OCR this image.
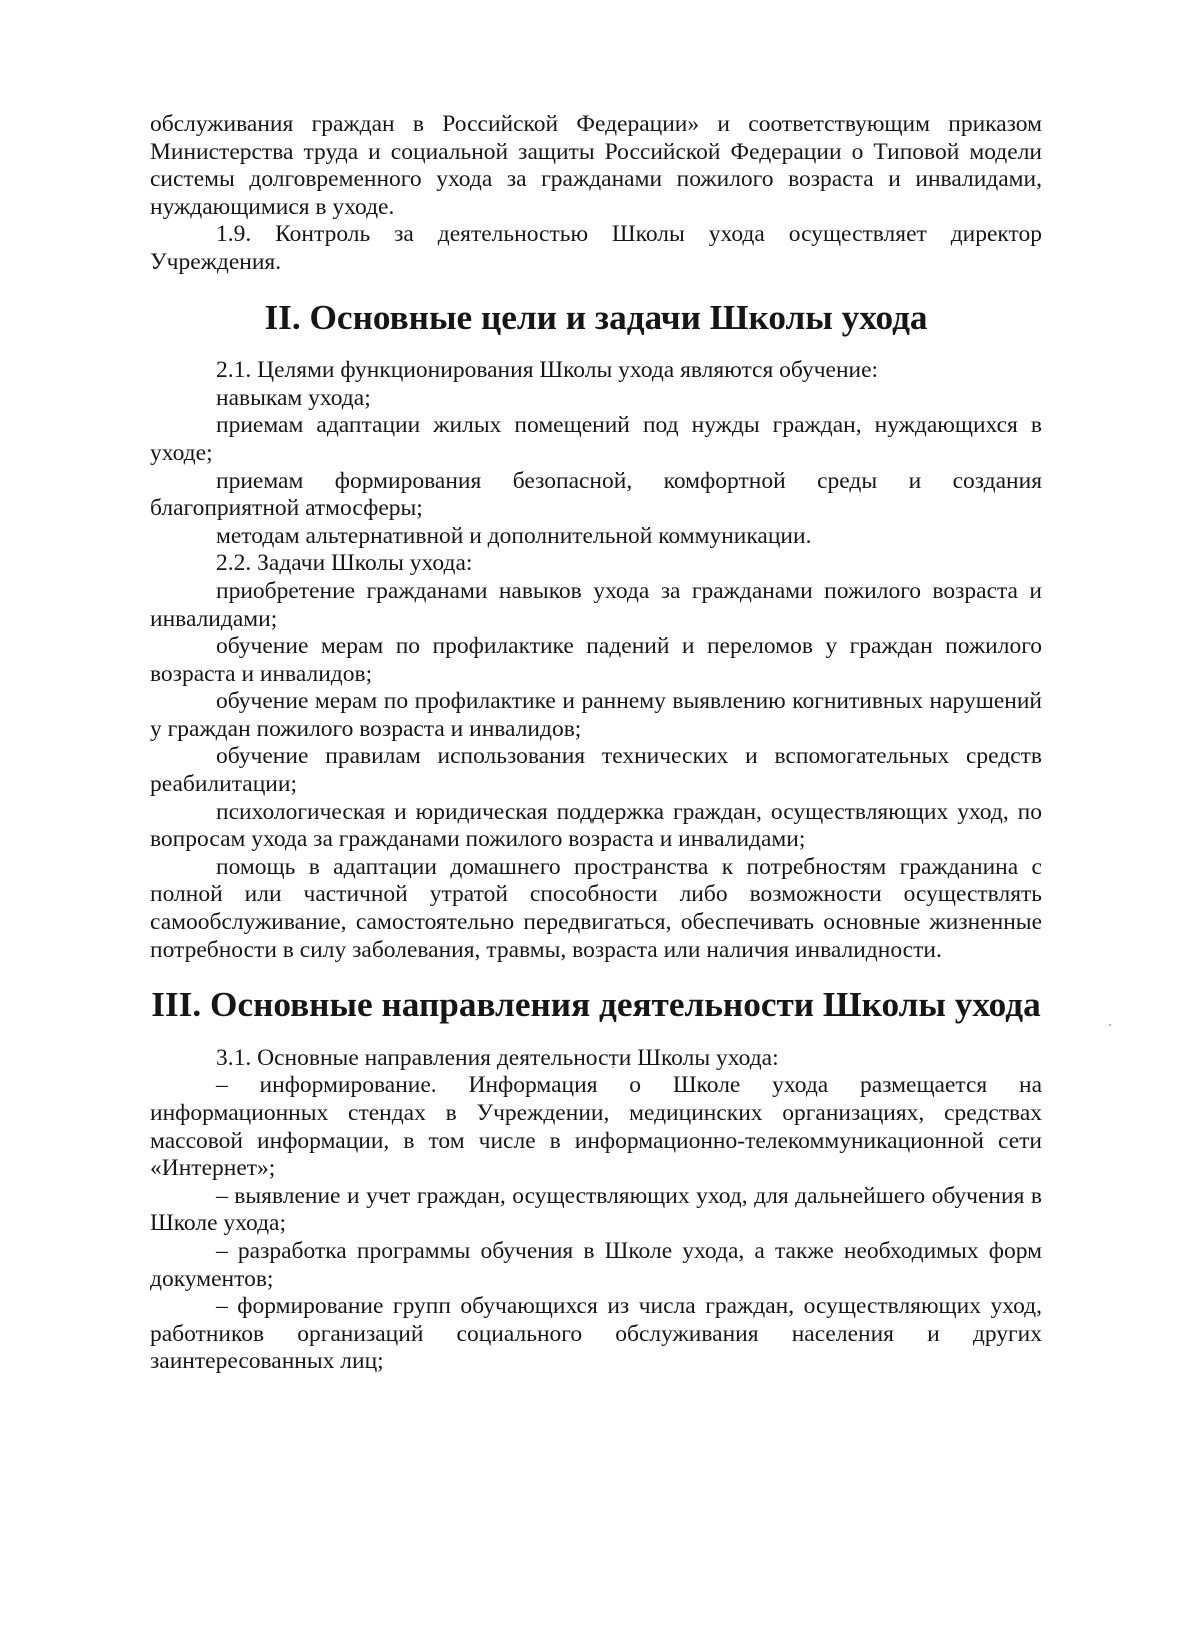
обслуживания граждан в Российской Федерации» и соответствующим приказом Министерства труда и социальной защиты Российской Федерации о Типовой модели системы долговременного ухода за гражданами пожилого возраста и инвалидами, нуждающимися в уходе.

1.9. Контроль за деятельностью Школы ухода осуществляет директор Учреждения.

II. Основные цели и задачи Школы ухода

2.1. Целями функционирования Школы ухода являются обучение:

навыкам ухода;

приемам адаптации жилых помещений под нужды граждан, нуждающихся в уходе;

приемам формирования безопасной, комфортной среды и создания благоприятной атмосферы;

методам альтернативной и дополнительной коммуникации.

2.2. Задачи Школы ухода:

приобретение гражданами навыков ухода за гражданами пожилого возраста и инвалидами;

обучение мерам по профилактике падений и переломов у граждан пожилого возраста и инвалидов;

обучение мерам по профилактике и раннему выявлению когнитивных нарушений у граждан пожилого возраста и инвалидов;

обучение правилам использования технических и вспомогательных средств реабилитации;

психологическая и юридическая поддержка граждан, осуществляющих уход, по вопросам ухода за гражданами пожилого возраста и инвалидами;

помощь в адаптации домашнего пространства к потребностям гражданина с полной или частичной утратой способности либо возможности осуществлять самообслуживание, самостоятельно передвигаться, обеспечивать основные жизненные потребности в силу заболевания, травмы, возраста или наличия инвалидности.

III. Основные направления деятельности Школы ухода

3.1. Основные направления деятельности Школы ухода:

– информирование. Информация о Школе ухода размещается на информационных стендах в Учреждении, медицинских организациях, средствах массовой информации, в том числе в информационно-телекоммуникационной сети «Интернет»;

– выявление и учет граждан, осуществляющих уход, для дальнейшего обучения в Школе ухода;

– разработка программы обучения в Школе ухода, а также необходимых форм документов;

– формирование групп обучающихся из числа граждан, осуществляющих уход, работников организаций социального обслуживания населения и других заинтересованных лиц;
